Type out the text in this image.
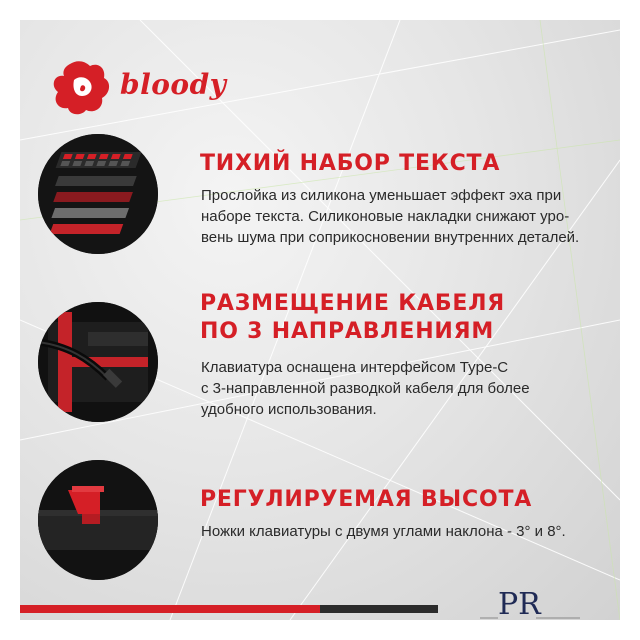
bloody
ТИХИЙ НАБОР ТЕКСТА
Прослойка из силикона уменьшает эффект эха при
наборе текста. Силиконовые накладки снижают уро-
вень шума при соприкосновении внутренних деталей.
РАЗМЕЩЕНИЕ КАБЕЛЯ
ПО 3 НАПРАВЛЕНИЯМ
Клавиатура оснащена интерфейсом Type-C
с 3-направленной разводкой кабеля для более
удобного использования.
РЕГУЛИРУЕМАЯ ВЫСОТА
Ножки клавиатуры с двумя углами наклона - 3° и 8°.
PR
